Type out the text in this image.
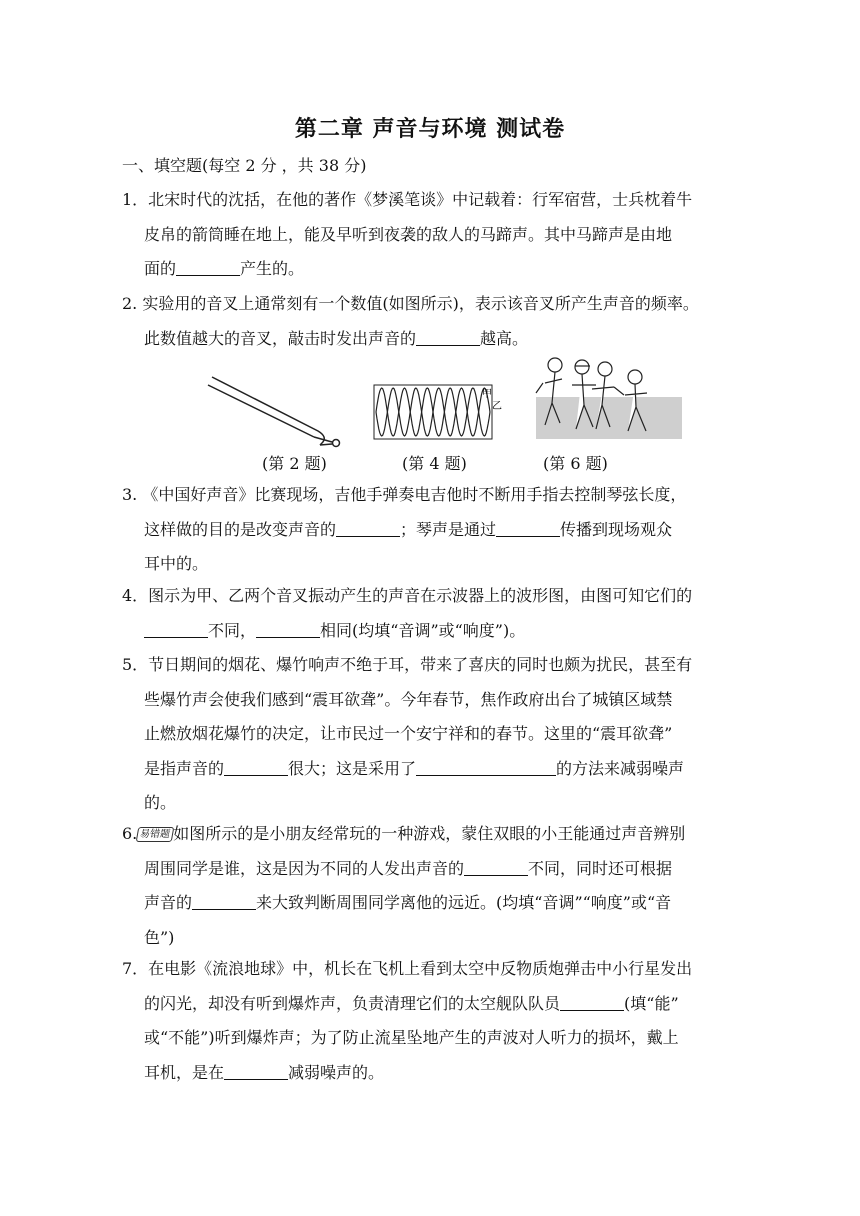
第二章 声音与环境 测试卷
一、填空题(每空 2 分 ，共 38 分)
1．北宋时代的沈括，在他的著作《梦溪笔谈》中记载着：行军宿营，士兵枕着牛
皮帛的箭筒睡在地上，能及早听到夜袭的敌人的马蹄声。其中马蹄声是由地
面的	产生的。
2. 实验用的音叉上通常刻有一个数值(如图所示)，表示该音叉所产生声音的频率。
此数值越大的音叉，敲击时发出声音的	越高。
甲
乙
(第 2 题)	(第 4 题)	(第 6 题)
3. 《中国好声音》比赛现场，吉他手弹奏电吉他时不断用手指去控制琴弦长度，
这样做的目的是改变声音的	；琴声是通过	传播到现场观众
耳中的。
4．图示为甲、乙两个音叉振动产生的声音在示波器上的波形图，由图可知它们的
不同，	相同(均填“音调”或“响度”)。
5．节日期间的烟花、爆竹响声不绝于耳，带来了喜庆的同时也颇为扰民，甚至有
些爆竹声会使我们感到“震耳欲聋”。今年春节，焦作政府出台了城镇区域禁
止燃放烟花爆竹的决定，让市民过一个安宁祥和的春节。这里的“震耳欲聋”
是指声音的	很大；这是采用了	的方法来减弱噪声
的。
6. 易错题 如图所示的是小朋友经常玩的一种游戏，蒙住双眼的小王能通过声音辨别
周围同学是谁，这是因为不同的人发出声音的	不同，同时还可根据
声音的	来大致判断周围同学离他的远近。(均填“音调”“响度”或“音
色”)
7．在电影《流浪地球》中，机长在飞机上看到太空中反物质炮弹击中小行星发出
的闪光，却没有听到爆炸声，负责清理它们的太空舰队队员	(填“能”
或“不能”)听到爆炸声；为了防止流星坠地产生的声波对人听力的损坏，戴上
耳机，是在	减弱噪声的。
